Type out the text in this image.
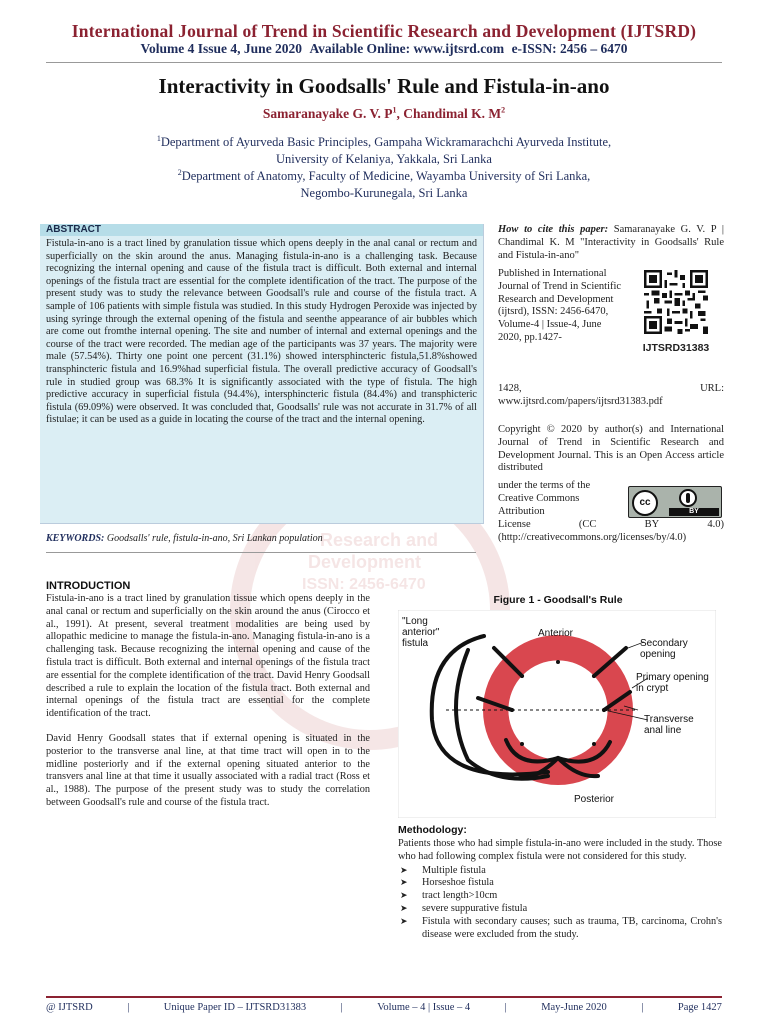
International Journal of Trend in Scientific Research and Development (IJTSRD)
Volume 4 Issue 4, June 2020 Available Online: www.ijtsrd.com e-ISSN: 2456 – 6470
Interactivity in Goodsalls' Rule and Fistula-in-ano
Samaranayake G. V. $P^1$, Chandimal K. $M^2$
$^1$Department of Ayurveda Basic Principles, Gampaha Wickramarachchi Ayurveda Institute,
University of Kelaniya, Yakkala, Sri Lanka
$^2$Department of Anatomy, Faculty of Medicine, Wayamba University of Sri Lanka,
Negombo-Kurunegala, Sri Lanka
Research and
Development
ISSN: 2456-6470
ABSTRACT
Fistula-in-ano is a tract lined by granulation tissue which opens deeply in the anal canal or rectum and superficially on the skin around the anus. Managing fistula-in-ano is a challenging task. Because recognizing the internal opening and cause of the fistula tract is difficult. Both external and internal openings of the fistula tract are essential for the complete identification of the tract. The purpose of the present study was to study the relevance between Goodsall's rule and course of the fistula tract. A sample of 106 patients with simple fistula was studied. In this study Hydrogen Peroxide was injected by using syringe through the external opening of the fistula and seenthe appearance of air bubbles which are come out fromthe internal opening. The site and number of internal and external openings and the course of the tract were recorded. The median age of the participants was 37 years. The majority were male (57.54%). Thirty one point one percent (31.1%) showed intersphincteric fistula,51.8%showed transphincteric fistula and 16.9%had superficial fistula. The overall predictive accuracy of Goodsall's rule in studied group was 68.3% It is significantly associated with the type of fistula. The high predictive accuracy in superficial fistula (94.4%), intersphincteric fistula (84.4%) and transphicteric fistula (69.09%) were observed. It was concluded that, Goodsalls' rule was not accurate in 31.7% of all fistulae; it can be used as a guide in locating the course of the tract and the internal opening.
KEYWORDS: Goodsalls' rule, fistula-in-ano, Sri Lankan population
How to cite this paper: Samaranayake G. V. P | Chandimal K. M "Interactivity in Goodsalls' Rule and Fistula-in-ano"
Published in International Journal of Trend in Scientific Research and Development (ijtsrd), ISSN: 2456-6470, Volume-4 | Issue-4, June 2020, pp.1427-
IJTSRD31383
1428,	URL:
www.ijtsrd.com/papers/ijtsrd31383.pdf
Copyright © 2020 by author(s) and International Journal of Trend in Scientific Research and Development Journal. This is an Open Access article distributed
under the terms of the Creative Commons Attribution
cc
BY
License	(CC	BY	4.0)
(http://creativecommons.org/licenses/by/4.0)
INTRODUCTION

Fistula-in-ano is a tract lined by granulation tissue which opens deeply in the anal canal or rectum and superficially on the skin around the anus (Cirocco et al., 1991). At present, several treatment modalities are being used by allopathic medicine to manage the fistula-in-ano. Managing fistula-in-ano is a challenging task. Because recognizing the internal opening and cause of the fistula tract is difficult. Both external and internal openings of the fistula tract are essential for the complete identification of the tract. David Henry Goodsall described a rule to explain the location of the fistula tract. Both external and internal openings of the fistula tract are essential for the complete identification of the tract.

David Henry Goodsall states that if external opening is situated in the posterior to the transverse anal line, at that time tract will open in to the midline posteriorly and if the external opening situated anterior to the transvers anal line at that time it usually associated with a radial tract (Ross et al., 1988). The purpose of the present study was to study the correlation between Goodsall's rule and course of the fistula tract.

Figure 1 - Goodsall's Rule
"Long
anterior"
fistula
Anterior
Secondary
opening
Primary opening
in crypt
Transverse
anal line
Posterior
Methodology:
Patients those who had simple fistula-in-ano were included in the study. Those who had following complex fistula were not considered for this study.
➤ Multiple fistula
➤ Horseshoe fistula
➤ tract length>10cm
➤ severe suppurative fistula
➤ Fistula with secondary causes; such as trauma, TB, carcinoma, Crohn's disease were excluded from the study.
@ IJTSRD	|	Unique Paper ID – IJTSRD31383	|	Volume – 4 | Issue – 4	|	May-June 2020	|	Page 1427
